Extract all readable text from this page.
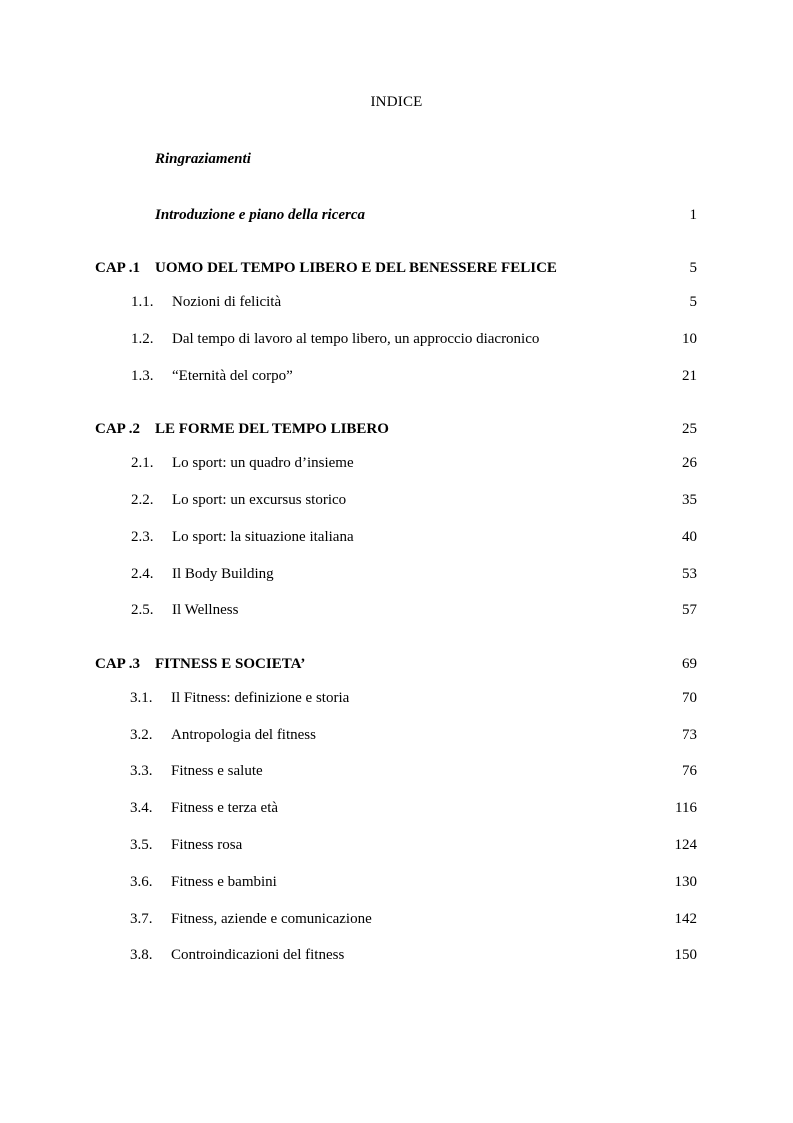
INDICE
Ringraziamenti
Introduzione e piano della ricerca	1
CAP .1 UOMO DEL TEMPO LIBERO E DEL BENESSERE FELICE	5
1.1. Nozioni di felicità	5
1.2. Dal tempo di lavoro al tempo libero, un approccio diacronico	10
1.3. “Eternità del corpo”	21
CAP .2 LE FORME DEL TEMPO LIBERO	25
2.1. Lo sport: un quadro d’insieme	26
2.2. Lo sport: un excursus storico	35
2.3. Lo sport: la situazione italiana	40
2.4. Il Body Building	53
2.5. Il Wellness	57
CAP .3 FITNESS E SOCIETA’	69
3.1. Il Fitness: definizione e storia	70
3.2. Antropologia del fitness	73
3.3. Fitness e salute	76
3.4. Fitness e terza età	116
3.5. Fitness rosa	124
3.6. Fitness e bambini	130
3.7. Fitness, aziende e comunicazione	142
3.8. Controindicazioni del fitness	150
